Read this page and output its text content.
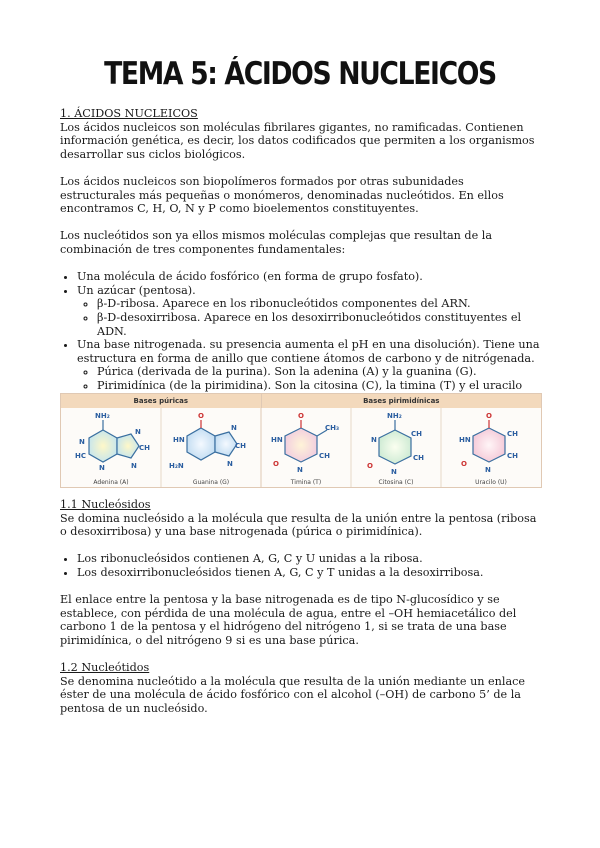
TEMA 5: ÁCIDOS NUCLEICOS

1. ÁCIDOS NUCLEICOS

Los ácidos nucleicos son moléculas fibrilares gigantes, no ramificadas. Contienen información genética, es decir, los datos codificados que permiten a los organismos desarrollar sus ciclos biológicos.

Los ácidos nucleicos son biopolímeros formados por otras subunidades estructurales más pequeñas o monómeros, denominadas nucleótidos. En ellos encontramos C, H, O, N y P como bioelementos constituyentes.

Los nucleótidos son ya ellos mismos moléculas complejas que resultan de la combinación de tres componentes fundamentales:

• Una molécula de ácido fosfórico (en forma de grupo fosfato).
• Un azúcar (pentosa).
◦ β-D-ribosa. Aparece en los ribonucleótidos componentes del ARN.
◦ β-D-desoxirribosa. Aparece en los desoxirribonucleótidos constituyentes el ADN.
• Una base nitrogenada. su presencia aumenta el pH en una disolución). Tiene una estructura en forma de anillo que contiene átomos de carbono y de nitrógenada.
◦ Púrica (derivada de la purina). Son la adenina (A) y la guanina (G).
◦ Pirimidínica (de la pirimidina). Son la citosina (C), la timina (T) y el uracilo
Bases púricas	Bases pirimidínicas
NH₂
N
HC
N
N
CH
N
O
HN
H₂N
N
CH
N
O
CH₃
HN
O
N
CH
NH₂
N
CH
CH
O
N
O
HN
CH
CH
O
N
Adenina (A)	Guanina (G)	Timina (T)	Citosina (C)	Uracilo (U)

1.1 Nucleósidos

Se domina nucleósido a la molécula que resulta de la unión entre la pentosa (ribosa o desoxirribosa) y una base nitrogenada (púrica o pirimidínica).

• Los ribonucleósidos contienen A, G, C y U unidas a la ribosa.
• Los desoxirribonucleósidos tienen A, G, C y T unidas a la desoxirribosa.

El enlace entre la pentosa y la base nitrogenada es de tipo N-glucosídico y se establece, con pérdida de una molécula de agua, entre el –OH hemiacetálico del carbono 1 de la pentosa y el hidrógeno del nitrógeno 1, si se trata de una base pirimidínica, o del nitrógeno 9 si es una base púrica.

1.2 Nucleótidos

Se denomina nucleótido a la molécula que resulta de la unión mediante un enlace éster de una molécula de ácido fosfórico con el alcohol (–OH) de carbono 5’ de la pentosa de un nucleósido.
